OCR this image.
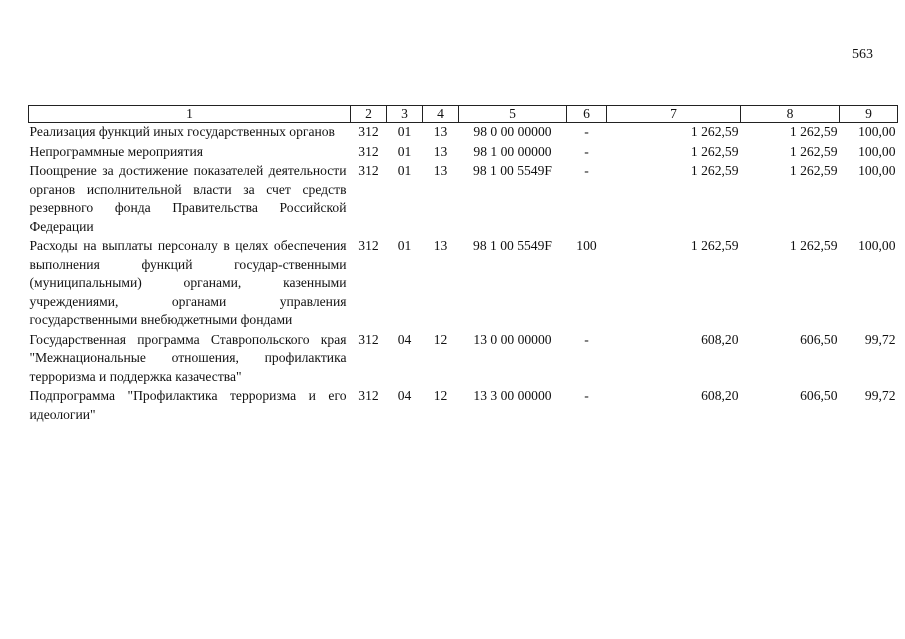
563
1	2	3	4	5	6	7	8	9
Реализация функций иных государственных органов	312	01	13	98 0 00 00000	-	1 262,59	1 262,59	100,00
Непрограммные мероприятия	312	01	13	98 1 00 00000	-	1 262,59	1 262,59	100,00
Поощрение за достижение показателей деятельности органов исполнительной власти за счет средств резервного фонда Правительства Российской Федерации	312	01	13	98 1 00 5549F	-	1 262,59	1 262,59	100,00
Расходы на выплаты персоналу в целях обеспечения выполнения функций государ-ственными (муниципальными) органами, казенными учреждениями, органами управления государственными внебюджетными фондами	312	01	13	98 1 00 5549F	100	1 262,59	1 262,59	100,00
Государственная программа Ставропольского края "Межнациональные отношения, профилактика терроризма и поддержка казачества"	312	04	12	13 0 00 00000	-	608,20	606,50	99,72
Подпрограмма "Профилактика терроризма и его идеологии"	312	04	12	13 3 00 00000	-	608,20	606,50	99,72
